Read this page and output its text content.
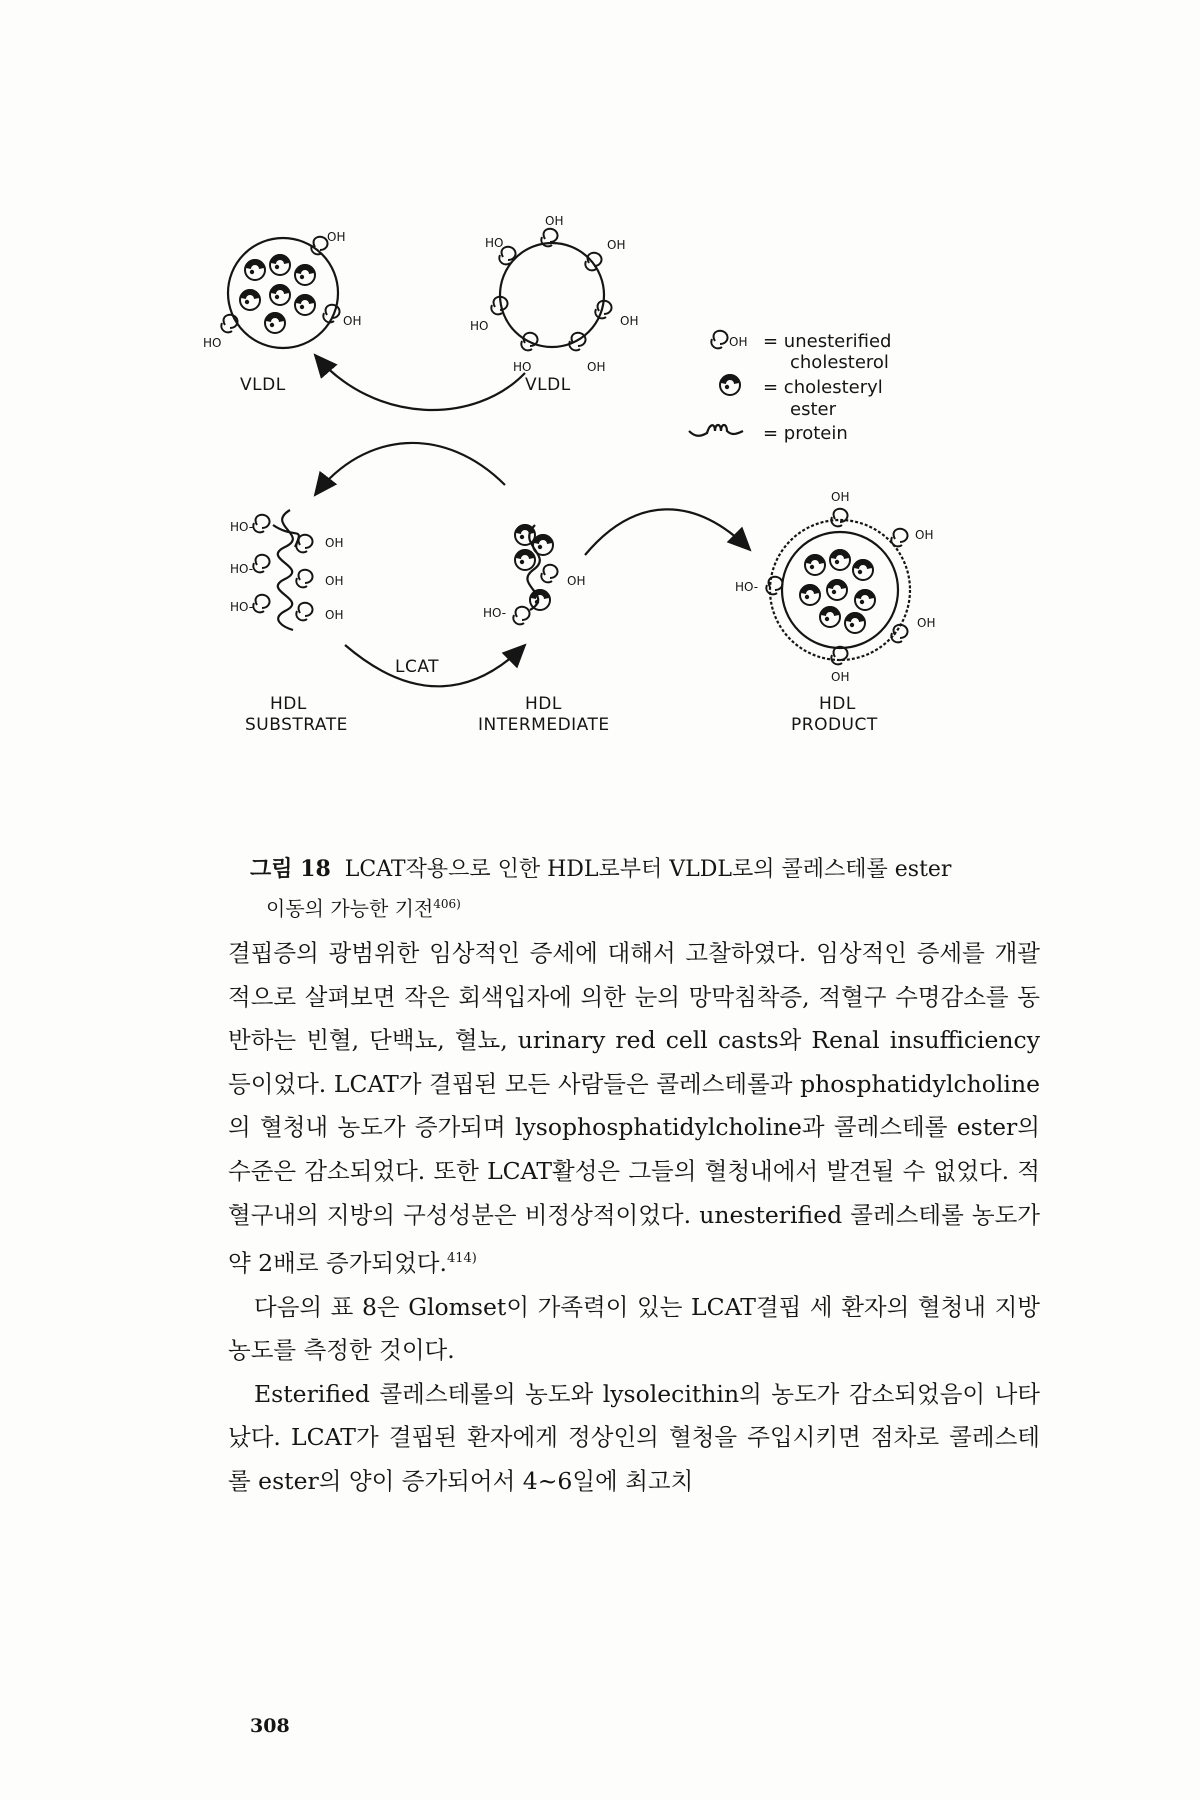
OH
OH
HO
VLDL
OH
HO	OH
HO	OH
HO	OH
VLDL
OH = unesterified
cholesterol
= cholesteryl
ester
= protein
HO-
HO-
HO-
OH
OH
OH
LCAT
OH
HO-
OH
OH
HO-
OH
OH
HDL
SUBSTRATE
HDL
INTERMEDIATE
HDL
PRODUCT
그림 18 LCAT작용으로 인한 HDL로부터 VLDL로의 콜레스테롤 ester
이동의 가능한 기전$^{406)}$

결핍증의 광범위한 임상적인 증세에 대해서 고찰하였다. 임상적인 증세를 개괄적으로 살펴보면 작은 회색입자에 의한 눈의 망막침착증, 적혈구 수명감소를 동반하는 빈혈, 단백뇨, 혈뇨, urinary red cell casts와 Renal insufficiency 등이었다. LCAT가 결핍된 모든 사람들은 콜레스테롤과 phosphatidylcholine의 혈청내 농도가 증가되며 lysophosphatidylcholine과 콜레스테롤 ester의 수준은 감소되었다. 또한 LCAT활성은 그들의 혈청내에서 발견될 수 없었다. 적혈구내의 지방의 구성성분은 비정상적이었다. unesterified 콜레스테롤 농도가 약 2배로 증가되었다.$^{414)}$

다음의 표 8은 Glomset이 가족력이 있는 LCAT결핍 세 환자의 혈청내 지방농도를 측정한 것이다.

Esterified 콜레스테롤의 농도와 lysolecithin의 농도가 감소되었음이 나타났다. LCAT가 결핍된 환자에게 정상인의 혈청을 주입시키면 점차로 콜레스테롤 ester의 양이 증가되어서 4~6일에 최고치

308
